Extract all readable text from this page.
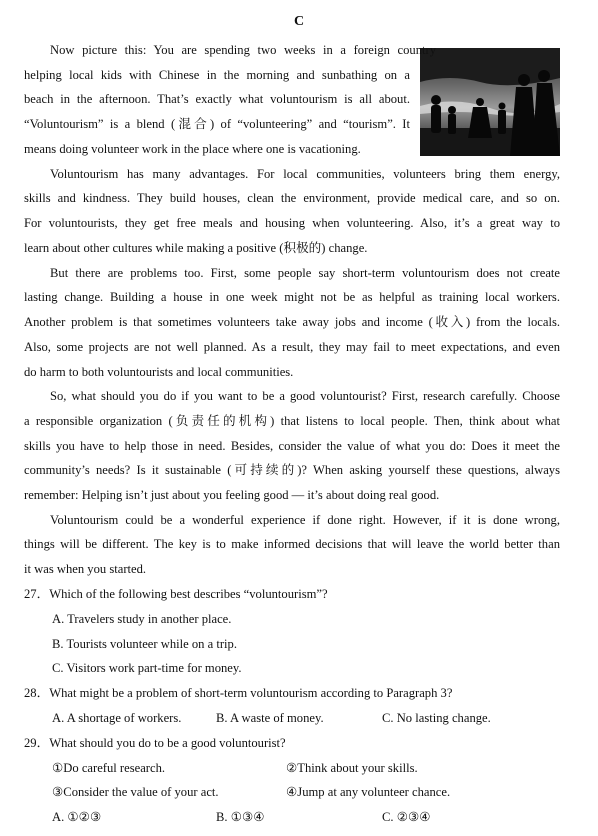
C
Now picture this: You are spending two weeks in a foreign country
helping local kids with Chinese in the morning and sunbathing on a
beach in the afternoon. That’s exactly what voluntourism is all about.
“Voluntourism” is a blend (混合) of “volunteering” and “tourism”. It
means doing volunteer work in the place where one is vacationing.
Voluntourism has many advantages. For local communities, volunteers bring them energy,
skills and kindness. They build houses, clean the environment, provide medical care, and so on.
For voluntourists, they get free meals and housing when volunteering. Also, it’s a great way to
learn about other cultures while making a positive (积极的) change.
But there are problems too. First, some people say short-term voluntourism does not create
lasting change. Building a house in one week might not be as helpful as training local workers.
Another problem is that sometimes volunteers take away jobs and income (收入) from the locals.
Also, some projects are not well planned. As a result, they may fail to meet expectations, and even
do harm to both voluntourists and local communities.
So, what should you do if you want to be a good voluntourist? First, research carefully. Choose
a responsible organization (负责任的机构) that listens to local people. Then, think about what
skills you have to help those in need. Besides, consider the value of what you do: Does it meet the
community’s needs? Is it sustainable (可持续的)? When asking yourself these questions, always
remember: Helping isn’t just about you feeling good — it’s about doing real good.
Voluntourism could be a wonderful experience if done right. However, if it is done wrong,
things will be different. The key is to make informed decisions that will leave the world better than
it was when you started.
27．Which of the following best describes “voluntourism”?
A. Travelers study in another place.
B. Tourists volunteer while on a trip.
C. Visitors work part-time for money.
28．What might be a problem of short-term voluntourism according to Paragraph 3?
A. A shortage of workers.	B. A waste of money.	C. No lasting change.
29．What should you do to be a good voluntourist?
①Do careful research.	②Think about your skills.
③Consider the value of your act.	④Jump at any volunteer chance.
A. ①②③	B. ①③④	C. ②③④
